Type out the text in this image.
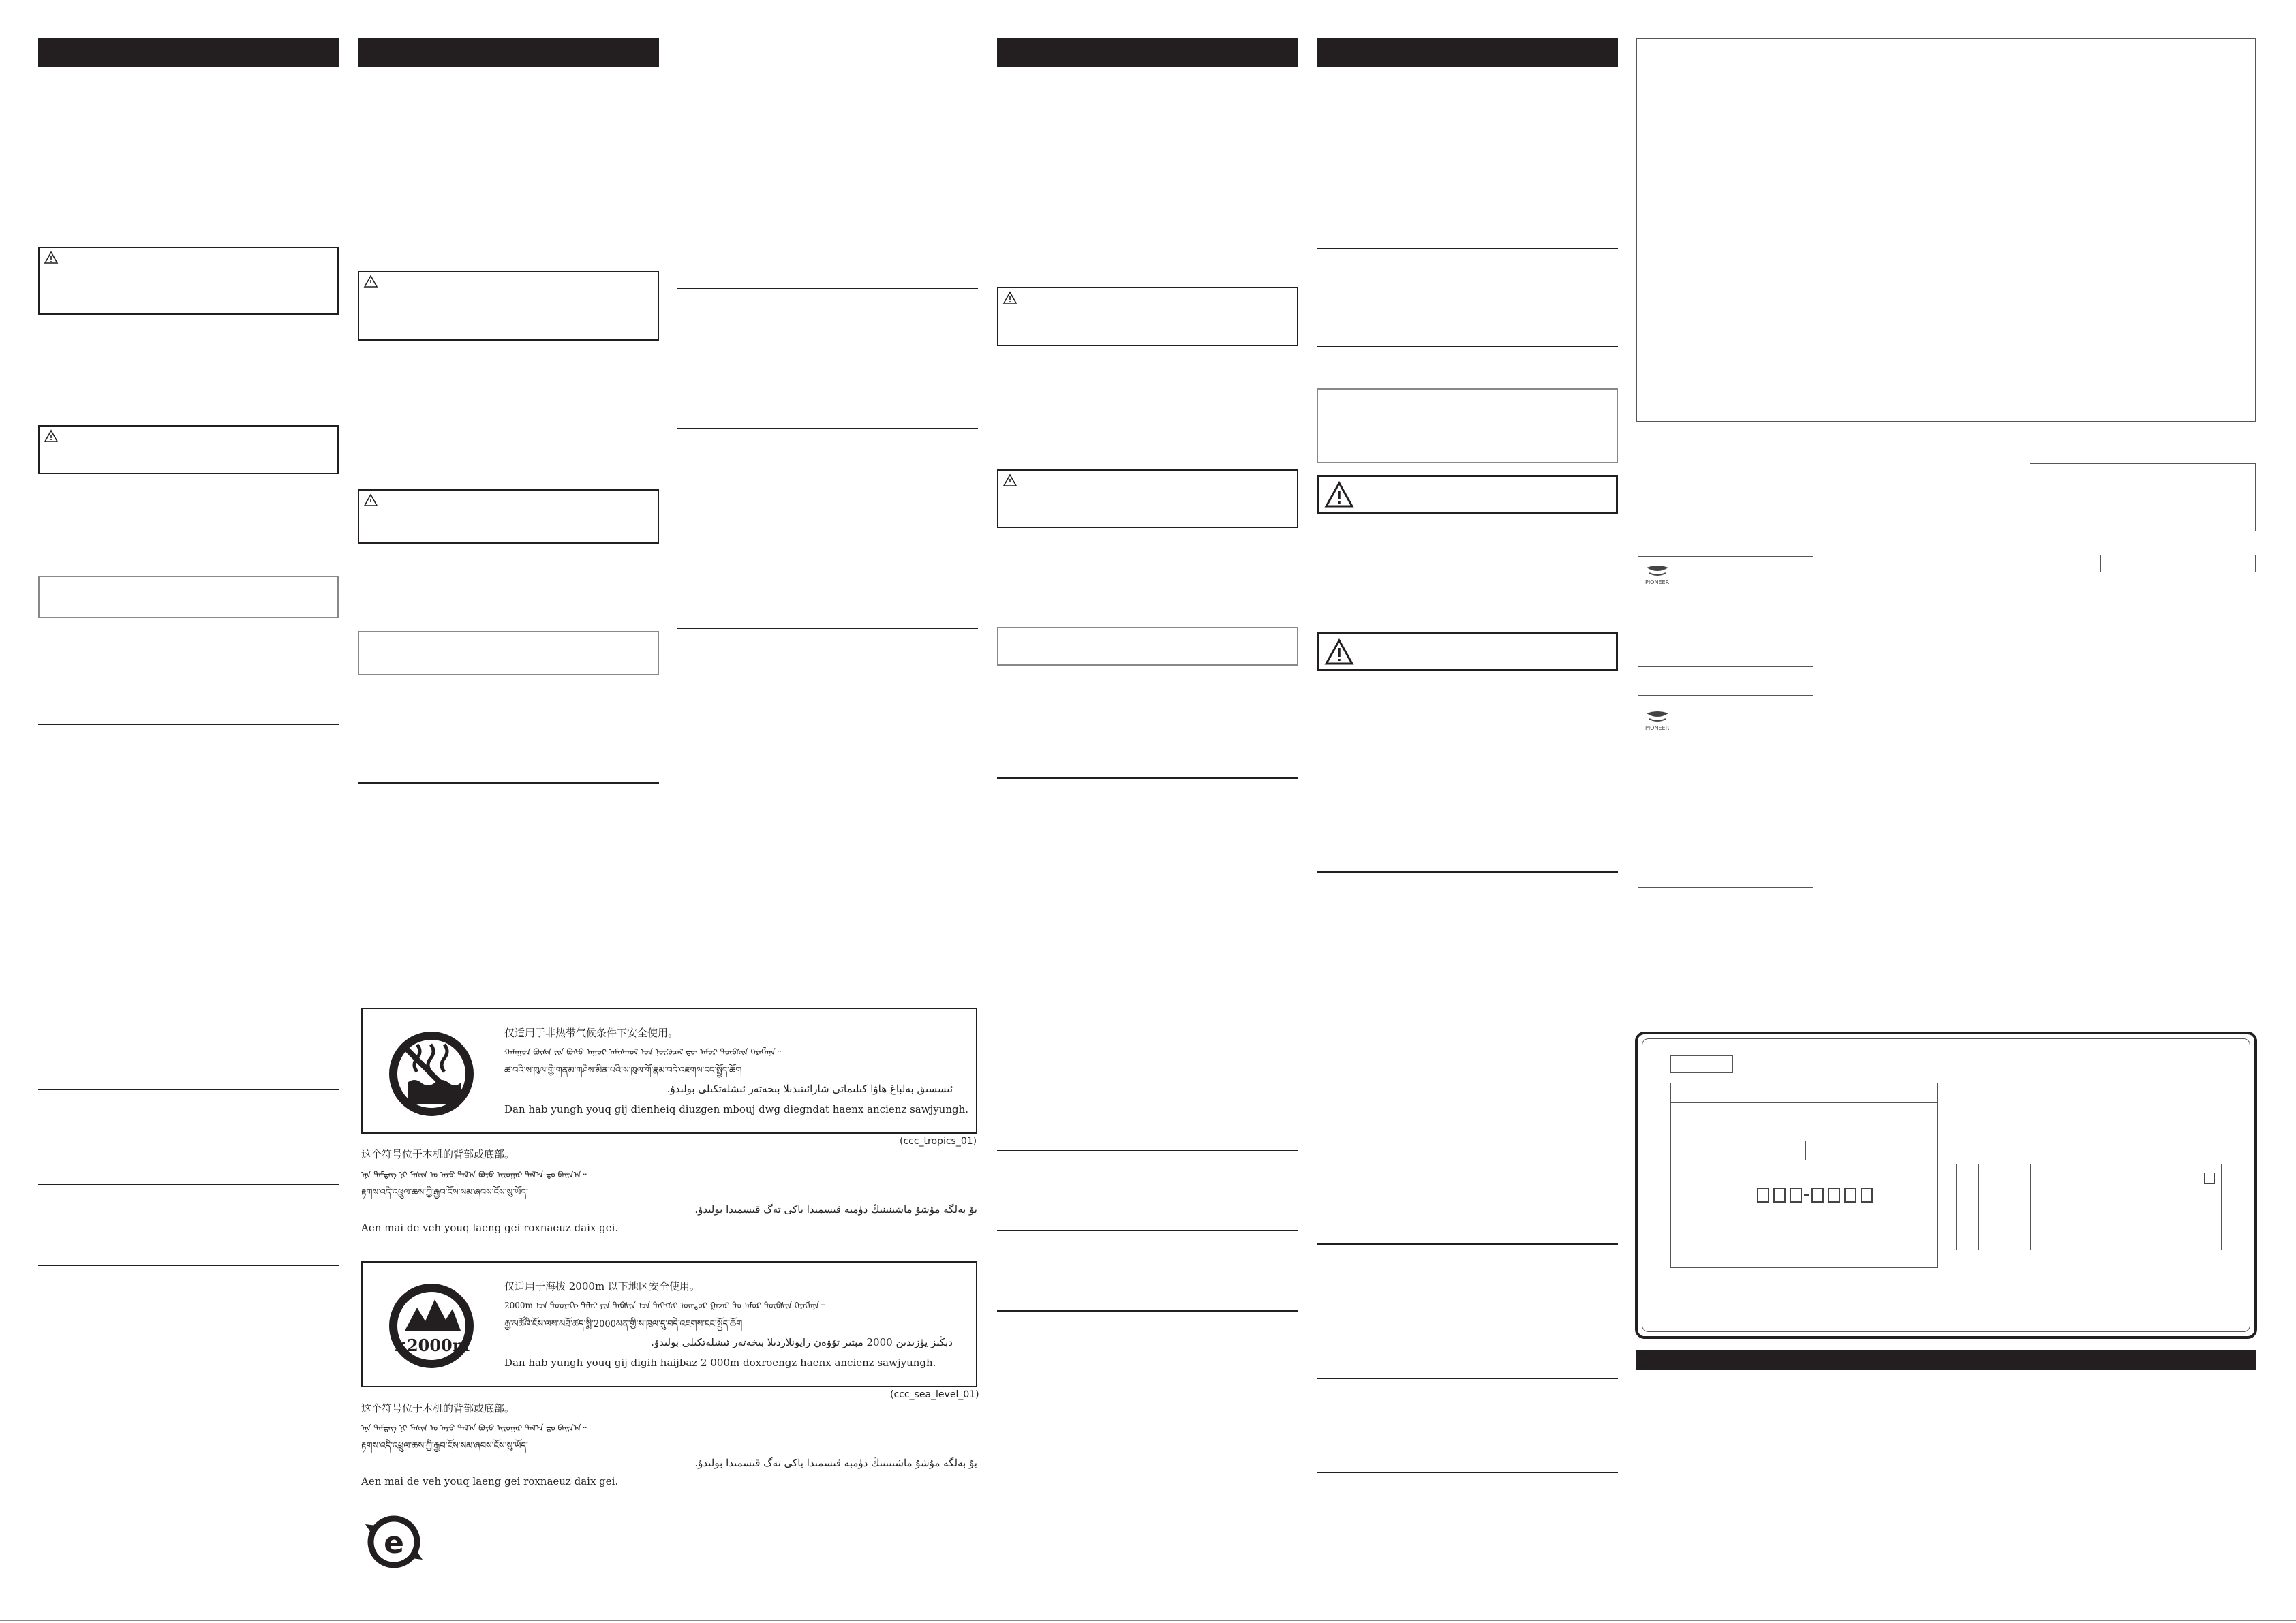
仅适用于非热带气候条件下安全使用。
ᠬᠠᠯᠠᠭᠤᠨ ᠪᠦᠰᠡ ᠶᠢᠨ ᠪᠤᠰᠤ ᠠᠭᠤᠷ ᠠᠮᠢᠰᠬᠤᠯ ᠤᠨ ᠨᠥᠬᠦᠴᠡᠯ ᠳᠦ ᠠᠮᠤᠷ ᠲᠦᠪᠰᠢᠨ ᠬᠡᠷᠡᠭᠯᠡᠨᠡ᠃
ཚ་བའི་ས་ཁུལ་གྱི་གནམ་གཤིས་མིན་པའི་ས་ཁུལ་གོ་རྣམ་བདེ་འཇགས་ངང་སྤྱོད་ཆོག
ئىسسىق بەلباغ ھاۋا كىلىماتى شارائىتىدىلا بىخەتەر ئىشلەتكىلى بولىدۇ.
Dan hab yungh youq gij dienheiq diuzgen mbouj dwg diegndat haenx ancienz sawjyungh.
(ccc_tropics_01)
这个符号位于本机的背部或底部。
ᠡᠨᠡ ᠲᠡᠮᠳᠡᠭ ᠨᠢ ᠮᠠᠰᠢᠨ ᠤ ᠠᠷᠤ ᠲᠠᠯ᠎ᠠ ᠪᠤᠶᠤ ᠢᠷᠤᠭᠠᠷ ᠲᠠᠯ᠎ᠠ ᠳᠤ ᠪᠠᠢᠨ᠎ᠠ᠃
རྟགས་འདི་འཕྲུལ་ཆས་ཀྱི་རྒྱབ་ངོས་སམ་ཞབས་ངོས་སུ་ཡོད།
بۇ بەلگە مۇشۇ ماشىنىنىڭ دۈمبە قىسمىدا ياكى تەگ قىسمىدا بولىدۇ.
Aen mai de veh youq laeng gei roxnaeuz daix gei.
≤2000m
仅适用于海拔 2000m 以下地区安全使用。
2000m ᠡᠴᠡ ᠳᠤᠤᠷᠠᠬᠢ ᠳᠠᠯᠠᠢ ᠶᠢᠨ ᠲᠡᠪᠰᠢᠨ ᠡᠴᠡ ᠳᠡᠭᠡᠭᠰᠢ ᠥᠨᠳᠦᠷ ᠭᠠᠵᠠᠷ ᠲᠤ ᠠᠮᠤᠷ ᠲᠦᠪᠰᠢᠨ ᠬᠡᠷᠡᠭᠯᠡᠨᠡ᠃
རྒྱ་མཚོའི་ངོས་ལས་མཐོ་ཚད་སྨི་2000མན་གྱི་ས་ཁུལ་དུ་བདེ་འཇགས་ངང་སྤྱོད་ཆོག
دېڭىز يۈزىدىن 2000 مېتىر تۆۋەن رايونلاردىلا بىخەتەر ئىشلەتكىلى بولىدۇ.
Dan hab yungh youq gij digih haijbaz 2 000m doxroengz haenx ancienz sawjyungh.
(ccc_sea_level_01)
这个符号位于本机的背部或底部。
ᠡᠨᠡ ᠲᠡᠮᠳᠡᠭ ᠨᠢ ᠮᠠᠰᠢᠨ ᠤ ᠠᠷᠤ ᠲᠠᠯ᠎ᠠ ᠪᠤᠶᠤ ᠢᠷᠤᠭᠠᠷ ᠲᠠᠯ᠎ᠠ ᠳᠤ ᠪᠠᠢᠨ᠎ᠠ᠃
རྟགས་འདི་འཕྲུལ་ཆས་ཀྱི་རྒྱབ་ངོས་སམ་ཞབས་ངོས་སུ་ཡོད།
بۇ بەلگە مۇشۇ ماشىنىنىڭ دۈمبە قىسمىدا ياكى تەگ قىسمىدا بولىدۇ.
Aen mai de veh youq laeng gei roxnaeuz daix gei.
e
PIONEER
PIONEER
